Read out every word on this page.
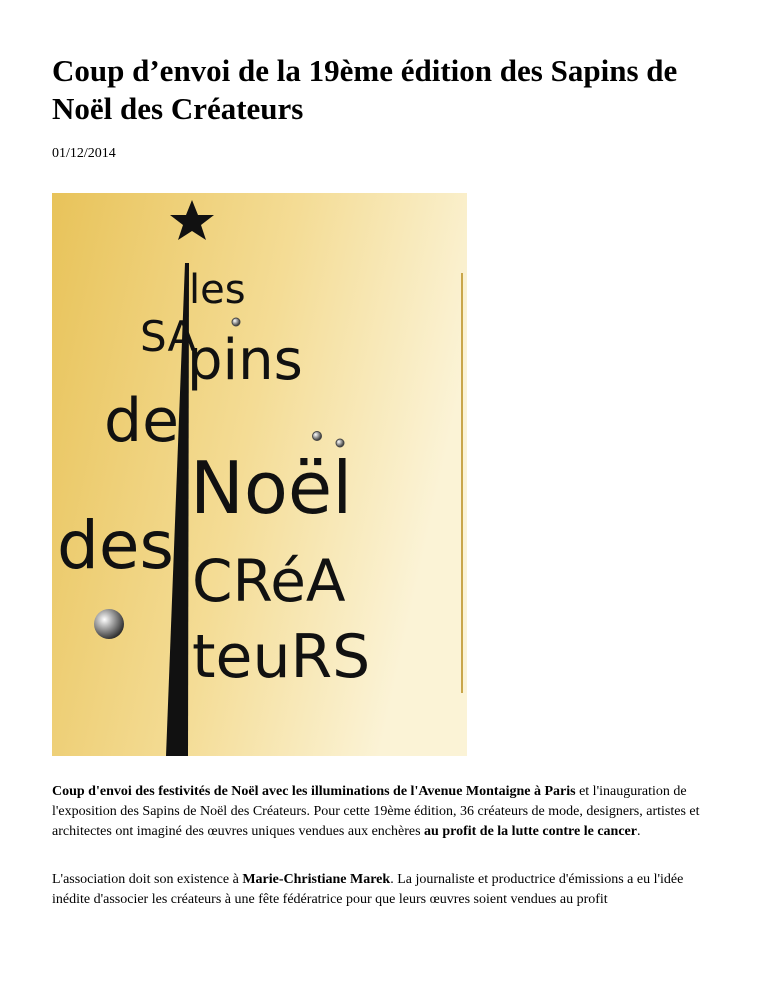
Coup d’envoi de la 19ème édition des Sapins de Noël des Créateurs

01/12/2014

les
SA
pins
de
Noël
des CRéA
teuRS

Coup d'envoi des festivités de Noël avec les illuminations de l'Avenue Montaigne à Paris et l'inauguration de l'exposition des Sapins de Noël des Créateurs. Pour cette 19ème édition, 36 créateurs de mode, designers, artistes et architectes ont imaginé des œuvres uniques vendues aux enchères au profit de la lutte contre le cancer.

L'association doit son existence à Marie-Christiane Marek. La journaliste et productrice d'émissions a eu l'idée inédite d'associer les créateurs à une fête fédératrice pour que leurs œuvres soient vendues au profit
